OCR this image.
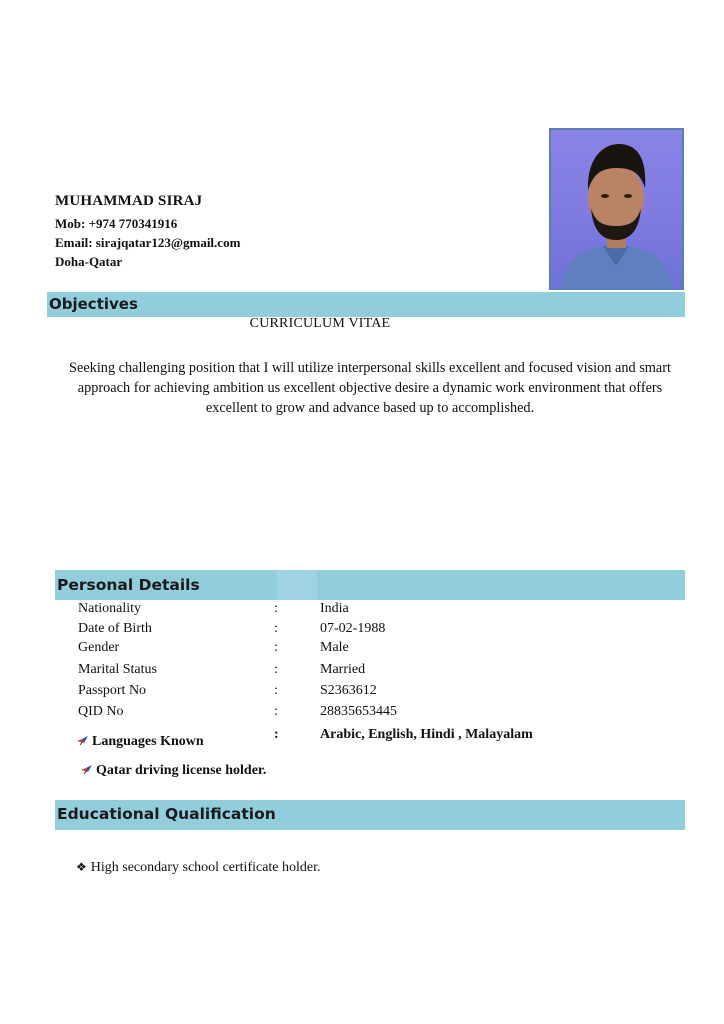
MUHAMMAD SIRAJ
Mob: +974 770341916
Email: sirajqatar123@gmail.com
Doha-Qatar
Objectives
CURRICULUM VITAE
Seeking challenging position that I will utilize interpersonal skills excellent and focused vision and smart approach for achieving ambition us excellent objective desire a dynamic work environment that offers excellent to grow and advance based up to accomplished.
Personal Details
Nationality	:	India
Date of Birth	:	07-02-1988
Gender	:	Male
Marital Status	:	Married
Passport No	:	S2363612
QID No	:	28835653445
Languages Known	:	Arabic, English, Hindi , Malayalam
Qatar driving license holder.
Educational Qualification
❖ High secondary school certificate holder.
